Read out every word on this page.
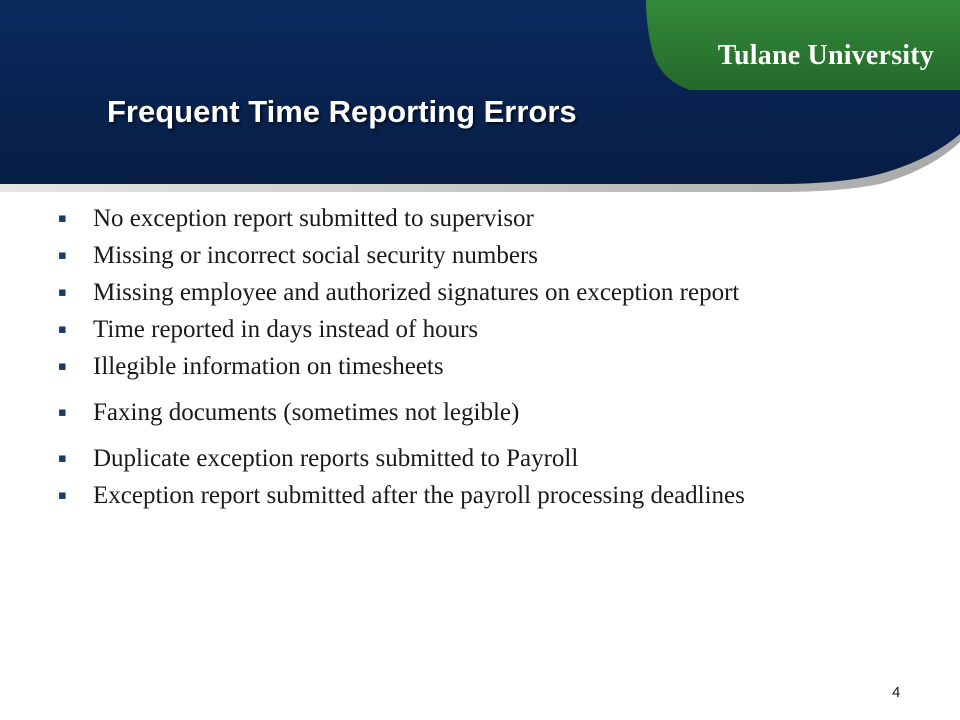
Tulane University
Frequent Time Reporting Errors
▪	No exception report submitted to supervisor
▪	Missing or incorrect social security numbers
▪	Missing employee and authorized signatures on exception report
▪	Time reported in days instead of hours
▪	Illegible information on timesheets
▪	Faxing documents (sometimes not legible)
▪	Duplicate exception reports submitted to Payroll
▪	Exception report submitted after the payroll processing deadlines
4
